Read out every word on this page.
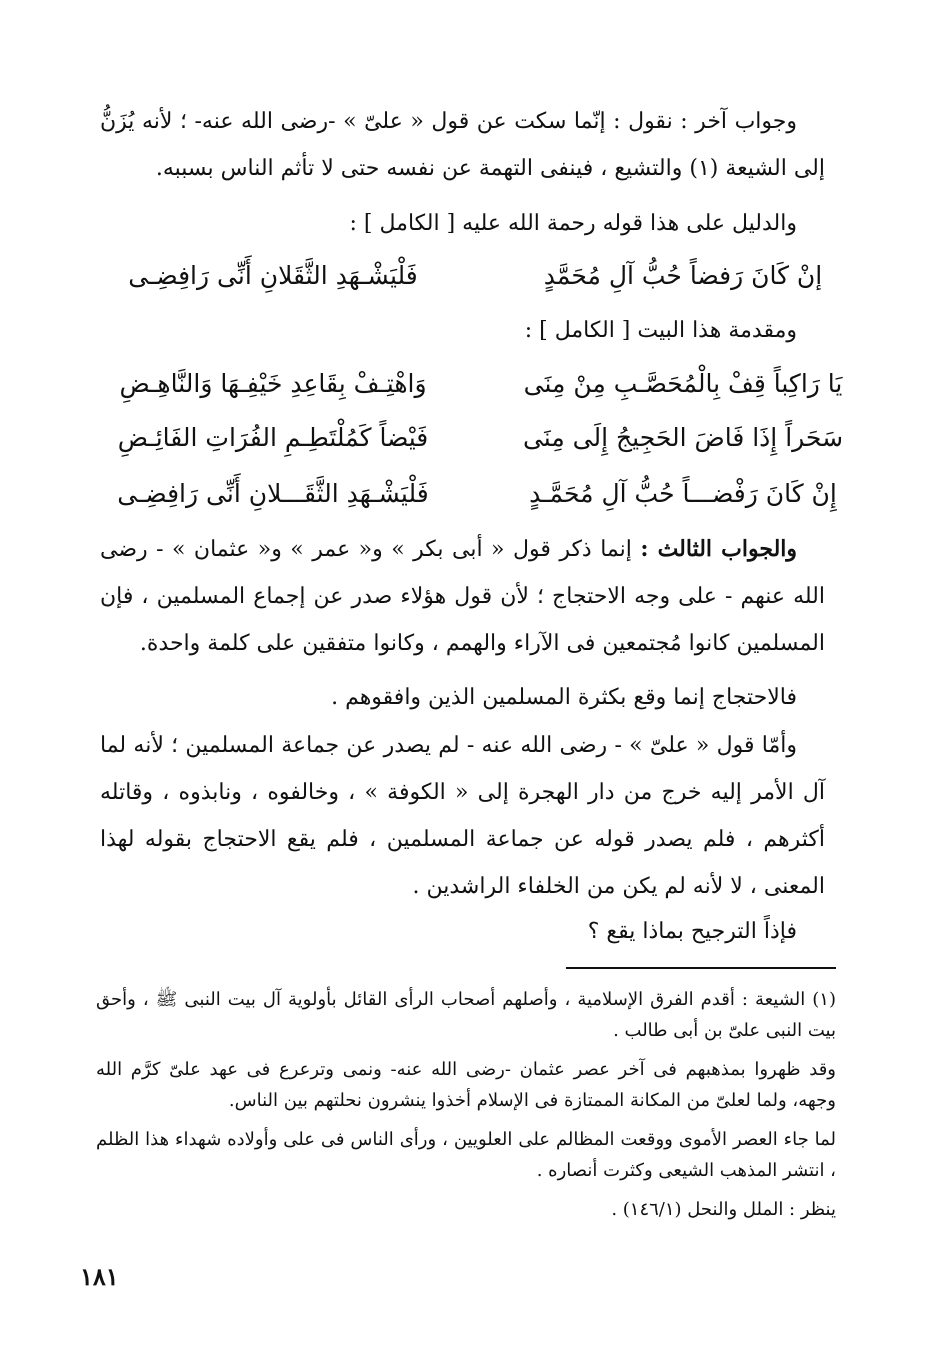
وجواب آخر : نقول : إنّما سكت عن قول « علىّ » -رضى الله عنه- ؛ لأنه يُزَنُّ إلى الشيعة (١) والتشيع ، فينفى التهمة عن نفسه حتى لا تأثم الناس بسببه.

والدليل على هذا قوله رحمة الله عليه [ الكامل ] :

إنْ كَانَ رَفضاً حُبُّ آلِ مُحَمَّدٍ
فَلْيَشْـهَدِ الثَّقَلانِ أَنِّى رَافِضِـى

ومقدمة هذا البيت [ الكامل ] :

يَا رَاكِباً قِفْ بِالْمُحَصَّـبِ مِنْ مِنَى
وَاهْتِـفْ بِقَاعِدِ خَيْفِـهَا وَالنَّاهِـضِ
سَحَراً إِذَا فَاضَ الحَجِيجُ إِلَى مِنَى
فَيْضاً كَمُلْتَطِـمِ الفُرَاتِ الفَائِـضِ
إِنْ كَانَ رَفْضـــاً حُبُّ آلِ مُحَمَّـدٍ
فَلْيَشْـهَدِ الثَّقَـــلانِ أَنِّى رَافِضِـى

والجواب الثالث : إنما ذكر قول « أبى بكر » و« عمر » و« عثمان » - رضى الله عنهم - على وجه الاحتجاج ؛ لأن قول هؤلاء صدر عن إجماع المسلمين ، فإن المسلمين كانوا مُجتمعين فى الآراء والهمم ، وكانوا متفقين على كلمة واحدة.

فالاحتجاج إنما وقع بكثرة المسلمين الذين وافقوهم .

وأمّا قول « علىّ » - رضى الله عنه - لم يصدر عن جماعة المسلمين ؛ لأنه لما آل الأمر إليه خرج من دار الهجرة إلى « الكوفة » ، وخالفوه ، ونابذوه ، وقاتله أكثرهم ، فلم يصدر قوله عن جماعة المسلمين ، فلم يقع الاحتجاج بقوله لهذا المعنى ، لا لأنه لم يكن من الخلفاء الراشدين .

فإذاً الترجيح بماذا يقع ؟

(١) الشيعة : أقدم الفرق الإسلامية ، وأصلهم أصحاب الرأى القائل بأولوية آل بيت النبى ﷺ ، وأحق بيت النبى علىّ بن أبى طالب .

وقد ظهروا بمذهبهم فى آخر عصر عثمان -رضى الله عنه- ونمى وترعرع فى عهد علىّ كرَّم الله وجهه، ولما لعلىّ من المكانة الممتازة فى الإسلام أخذوا ينشرون نحلتهم بين الناس.

لما جاء العصر الأموى ووقعت المظالم على العلويين ، ورأى الناس فى على وأولاده شهداء هذا الظلم ، انتشر المذهب الشيعى وكثرت أنصاره .

ينظر : الملل والنحل (١٤٦/١) .

١٨١
